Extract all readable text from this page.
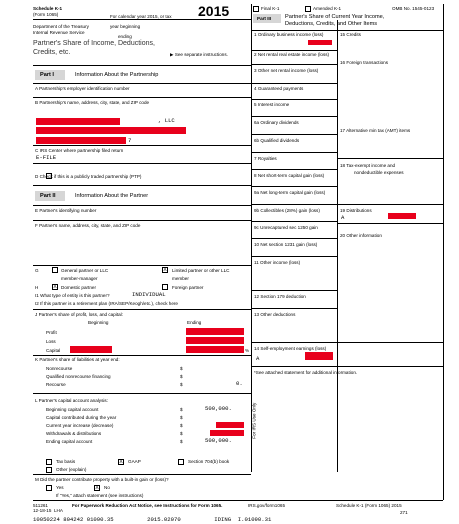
Schedule K-1
(Form 1065)
Department of the Treasury
Internal Revenue Service
For calendar year 2015, or tax
year beginning
ending
2015
Partner's Share of Income, Deductions,
Credits, etc.	▶ See separate instructions.
Final K-1	Amended K-1	OMB No. 1545-0123
Part III Partner's Share of Current Year Income,
Deductions, Credits, and Other Items
1 Ordinary business income (loss)
2 Net rental real estate income (loss)
3 Other net rental income (loss)
4 Guaranteed payments
5 Interest income
6a Ordinary dividends
6b Qualified dividends
7 Royalties
8 Net short-term capital gain (loss)
9a Net long-term capital gain (loss)
9b Collectibles (28%) gain (loss)
9c Unrecaptured sec 1250 gain
10 Net section 1231 gain (loss)
11 Other income (loss)
12 Section 179 deduction
13 Other deductions
14 Self-employment earnings (loss)
A
*See attached statement for additional information.
15 Credits
16 Foreign transactions
17 Alternative min tax (AMT) items
18 Tax-exempt income and
nondeductible expenses
19 Distributions
A
20 Other information
Part I	Information About the Partnership
A Partnership's employer identification number
B Partnership's name, address, city, state, and ZIP code
, LLC
7
C IRS Center where partnership filed return
E-FILE
D Check if this is a publicly traded partnership (PTP)
Part II	Information About the Partner
E Partner's identifying number
F Partner's name, address, city, state, and ZIP code
G	General partner or LLC
member-manager
X Limited partner or other LLC
member
H	X Domestic partner	Foreign partner
I1 What type of entity is this partner?	INDIVIDUAL
I2 If this partner is a retirement plan (IRA/SEP/Keogh/etc.), check here
J Partner's share of profit, loss, and capital:
Beginning	Ending
Profit
Loss
Capital	%
K Partner's share of liabilities at year end:
Nonrecourse	$
Qualified nonrecourse financing	$
Recourse	$	0.
L Partner's capital account analysis:
Beginning capital account	$	500,000.
Capital contributed during the year	$
Current year increase (decrease)	$
Withdrawals & distributions	$
Ending capital account	$	500,000.
Tax basis	X GAAP	Section 704(b) book
Other (explain)
M Did the partner contribute property with a built-in gain or (loss)?
Yes	X No
If "Yes," attach statement (see instructions)
For IRS Use Only
511261
12-18-15  LHA
For Paperwork Reduction Act Notice, see Instructions for Form 1065.	IRS.gov/form1065	Schedule K-1 (Form 1065) 2015
271
10050224 804242 01090.35          2015.02070          IDING  I.01090.31
